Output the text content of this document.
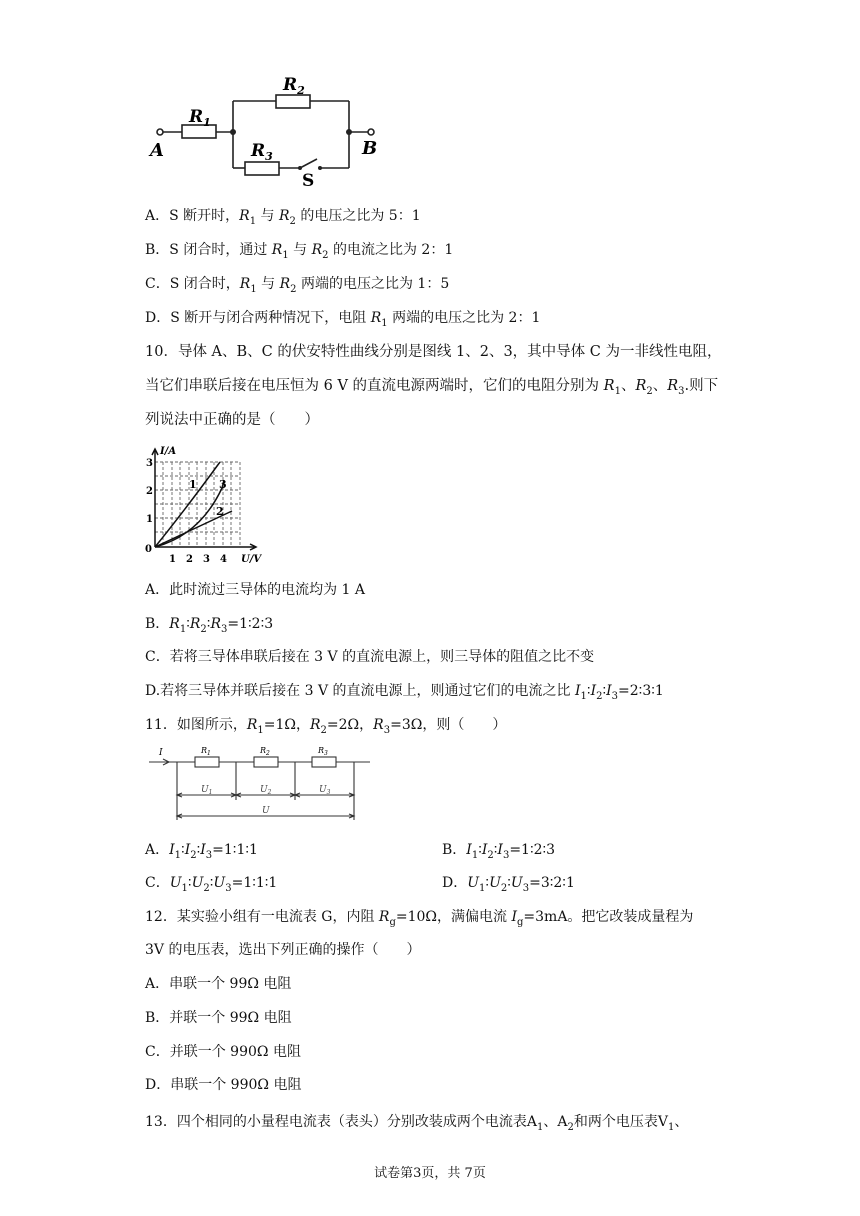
$R_1$
$R_2$
$R_3$
A	B
S
A．S 断开时，$R_1$ 与 $R_2$ 的电压之比为 5：1
B．S 闭合时，通过 $R_1$ 与 $R_2$ 的电流之比为 2：1
C．S 闭合时，$R_1$ 与 $R_2$ 两端的电压之比为 1：5
D．S 断开与闭合两种情况下，电阻 $R_1$ 两端的电压之比为 2：1
10．导体 A、B、C 的伏安特性曲线分别是图线 1、2、3，其中导体 C 为一非线性电阻，
当它们串联后接在电压恒为 6 V 的直流电源两端时，它们的电阻分别为 $R_1$、$R_2$、$R_3$.则下
列说法中正确的是（　　）
I/A
U/V
0
1
2
3
1 2 3 4
1 3
2
A．此时流过三导体的电流均为 1 A
B．$R_1∶R_2∶R_3=1∶2∶3$
C．若将三导体串联后接在 3 V 的直流电源上，则三导体的阻值之比不变
D.若将三导体并联后接在 3 V 的直流电源上，则通过它们的电流之比 $I_1∶I_2∶I_3=2∶3∶1$
11．如图所示，$R_1=1\Omega$，$R_2=2\Omega$，$R_3=3\Omega$，则（　　）
I	$R_1$	$R_2$	$R_3$
$U_1$	$U_2$	$U_3$
U
A．$I_1∶I_2∶I_3=1∶1∶1$	B．$I_1∶I_2∶I_3=1∶2∶3$
C．$U_1∶U_2∶U_3=1∶1∶1$	D．$U_1∶U_2∶U_3=3∶2∶1$
12．某实验小组有一电流表 G，内阻 $R_g=10\Omega$，满偏电流 $I_g=3mA$。把它改装成量程为
3V 的电压表，选出下列正确的操作（　　）
A．串联一个 99Ω 电阻
B．并联一个 99Ω 电阻
C．并联一个 990Ω 电阻
D．串联一个 990Ω 电阻
13．四个相同的小量程电流表（表头）分别改装成两个电流表$A_1$、$A_2$和两个电压表$V_1$、
试卷第3页，共 7页
